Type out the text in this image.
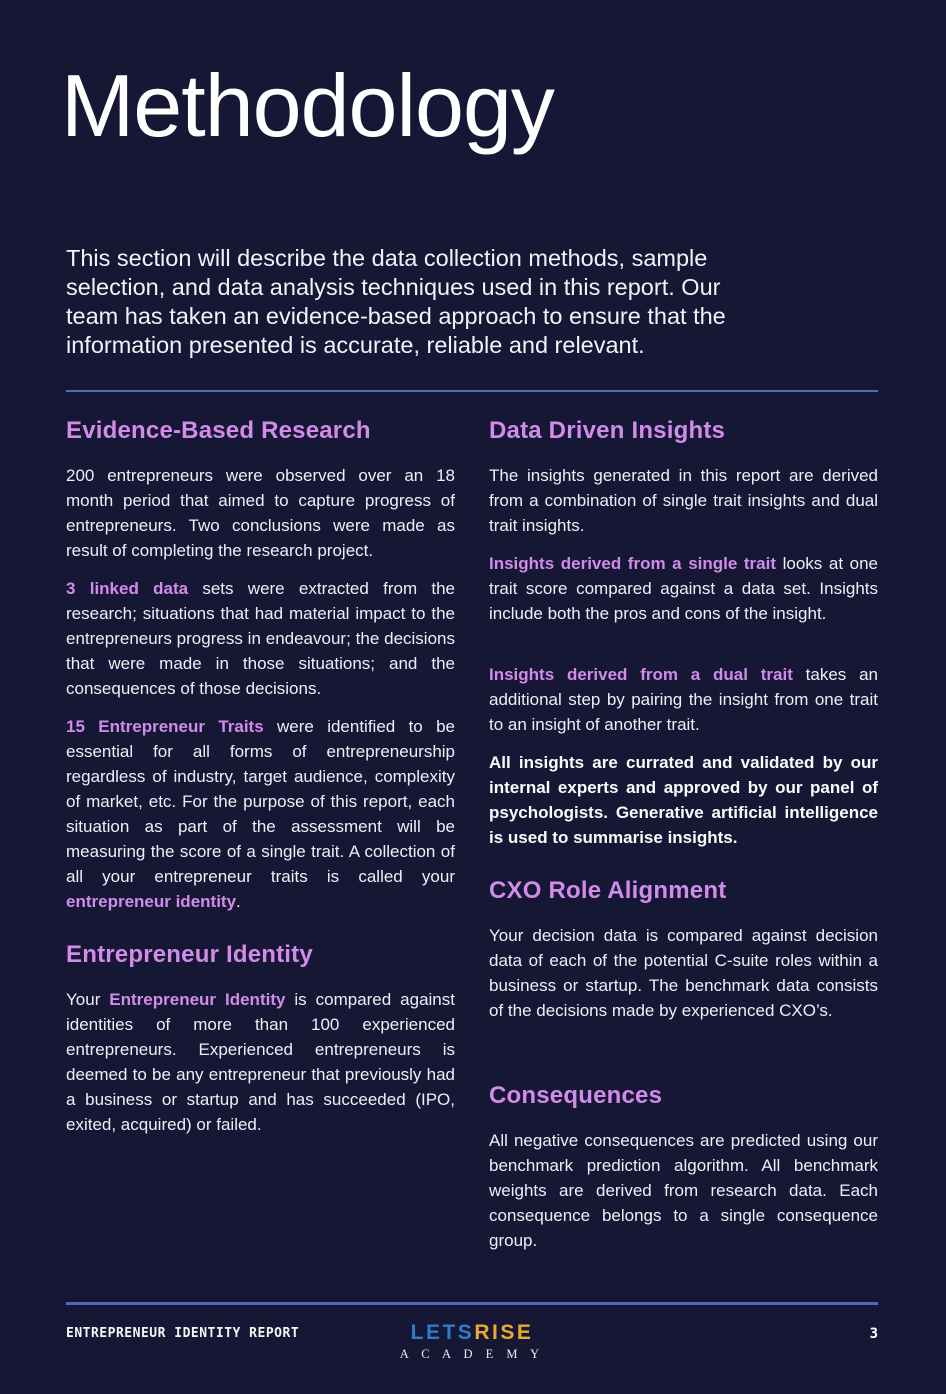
Methodology

This section will describe the data collection methods, sample selection, and data analysis techniques used in this report. Our team has taken an evidence-based approach to ensure that the information presented is accurate, reliable and relevant.

Evidence-Based Research

200 entrepreneurs were observed over an 18 month period that aimed to capture progress of entrepreneurs. Two conclusions were made as result of completing the research project.

3 linked data sets were extracted from the research; situations that had material impact to the entrepreneurs progress in endeavour; the decisions that were made in those situations; and the consequences of those decisions.

15 Entrepreneur Traits were identified to be essential for all forms of entrepreneurship regardless of industry, target audience, complexity of market, etc. For the purpose of this report, each situation as part of the assessment will be measuring the score of a single trait. A collection of all your entrepreneur traits is called your entrepreneur identity.

Entrepreneur Identity

Your Entrepreneur Identity is compared against identities of more than 100 experienced entrepreneurs. Experienced entrepreneurs is deemed to be any entrepreneur that previously had a business or startup and has succeeded (IPO, exited, acquired) or failed.

Data Driven Insights

The insights generated in this report are derived from a combination of single trait insights and dual trait insights.

Insights derived from a single trait looks at one trait score compared against a data set. Insights include both the pros and cons of the insight.

Insights derived from a dual trait takes an additional step by pairing the insight from one trait to an insight of another trait.

All insights are currated and validated by our internal experts and approved by our panel of psychologists. Generative artificial intelligence is used to summarise insights.

CXO Role Alignment

Your decision data is compared against decision data of each of the potential C-suite roles within a business or startup. The benchmark data consists of the decisions made by experienced CXO’s.

Consequences

All negative consequences are predicted using our benchmark prediction algorithm. All benchmark weights are derived from research data. Each consequence belongs to a single consequence group.

ENTREPRENEUR IDENTITY REPORT	LETSRISE
A C A D E M Y
3
